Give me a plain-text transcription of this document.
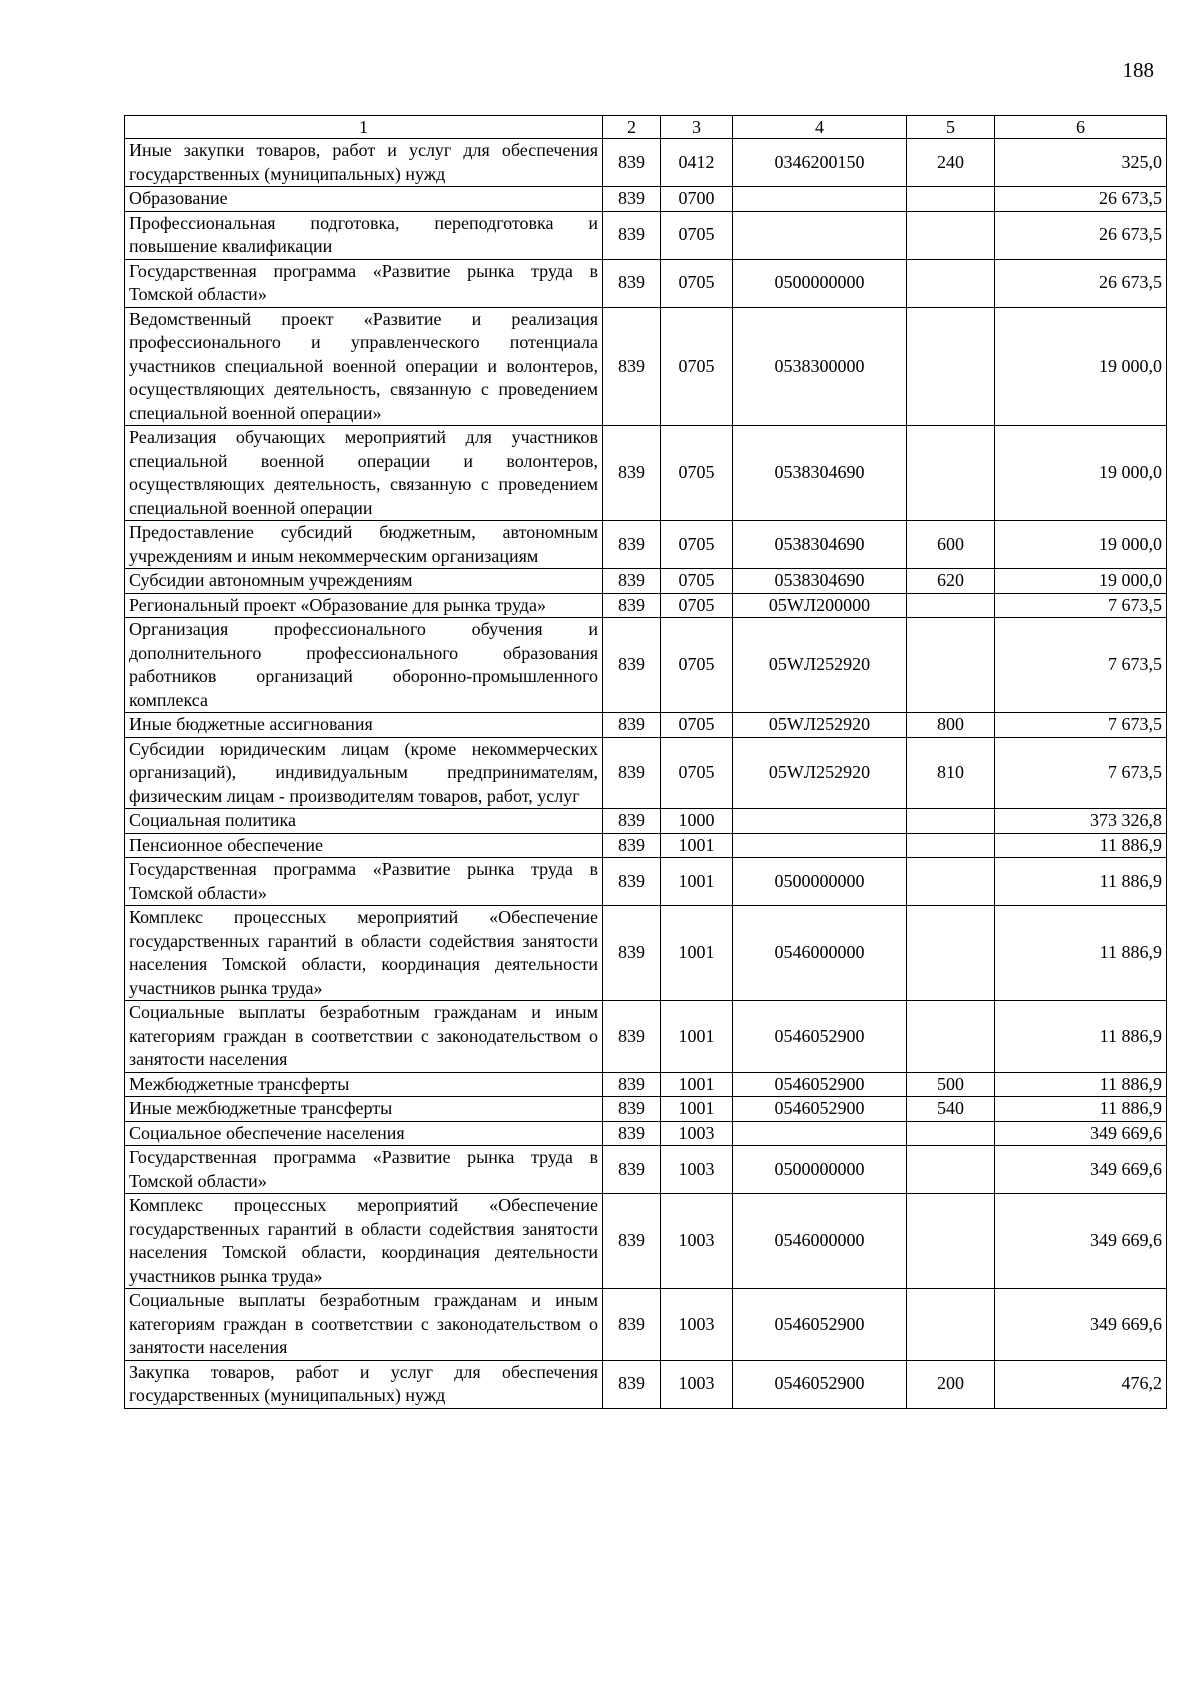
188
1	2	3	4	5	6
Иные закупки товаров, работ и услуг для обеспечения государственных (муниципальных) нужд	839	0412	0346200150	240	325,0
Образование	839	0700			26 673,5
Профессиональная подготовка, переподготовка и повышение квалификации	839	0705			26 673,5
Государственная программа «Развитие рынка труда в Томской области»	839	0705	0500000000		26 673,5
Ведомственный проект «Развитие и реализация профессионального и управленческого потенциала участников специальной военной операции и волонтеров, осуществляющих деятельность, связанную с проведением специальной военной операции»	839	0705	0538300000		19 000,0
Реализация обучающих мероприятий для участников специальной военной операции и волонтеров, осуществляющих деятельность, связанную с проведением специальной военной операции	839	0705	0538304690		19 000,0
Предоставление субсидий бюджетным, автономным учреждениям и иным некоммерческим организациям	839	0705	0538304690	600	19 000,0
Субсидии автономным учреждениям	839	0705	0538304690	620	19 000,0
Региональный проект «Образование для рынка труда»	839	0705	05WЛ200000		7 673,5
Организация профессионального обучения и дополнительного профессионального образования работников организаций оборонно-промышленного комплекса	839	0705	05WЛ252920		7 673,5
Иные бюджетные ассигнования	839	0705	05WЛ252920	800	7 673,5
Субсидии юридическим лицам (кроме некоммерческих организаций), индивидуальным предпринимателям, физическим лицам - производителям товаров, работ, услуг	839	0705	05WЛ252920	810	7 673,5
Социальная политика	839	1000			373 326,8
Пенсионное обеспечение	839	1001			11 886,9
Государственная программа «Развитие рынка труда в Томской области»	839	1001	0500000000		11 886,9
Комплекс процессных мероприятий «Обеспечение государственных гарантий в области содействия занятости населения Томской области, координация деятельности участников рынка труда»	839	1001	0546000000		11 886,9
Социальные выплаты безработным гражданам и иным категориям граждан в соответствии с законодательством о занятости населения	839	1001	0546052900		11 886,9
Межбюджетные трансферты	839	1001	0546052900	500	11 886,9
Иные межбюджетные трансферты	839	1001	0546052900	540	11 886,9
Социальное обеспечение населения	839	1003			349 669,6
Государственная программа «Развитие рынка труда в Томской области»	839	1003	0500000000		349 669,6
Комплекс процессных мероприятий «Обеспечение государственных гарантий в области содействия занятости населения Томской области, координация деятельности участников рынка труда»	839	1003	0546000000		349 669,6
Социальные выплаты безработным гражданам и иным категориям граждан в соответствии с законодательством о занятости населения	839	1003	0546052900		349 669,6
Закупка товаров, работ и услуг для обеспечения государственных (муниципальных) нужд	839	1003	0546052900	200	476,2
